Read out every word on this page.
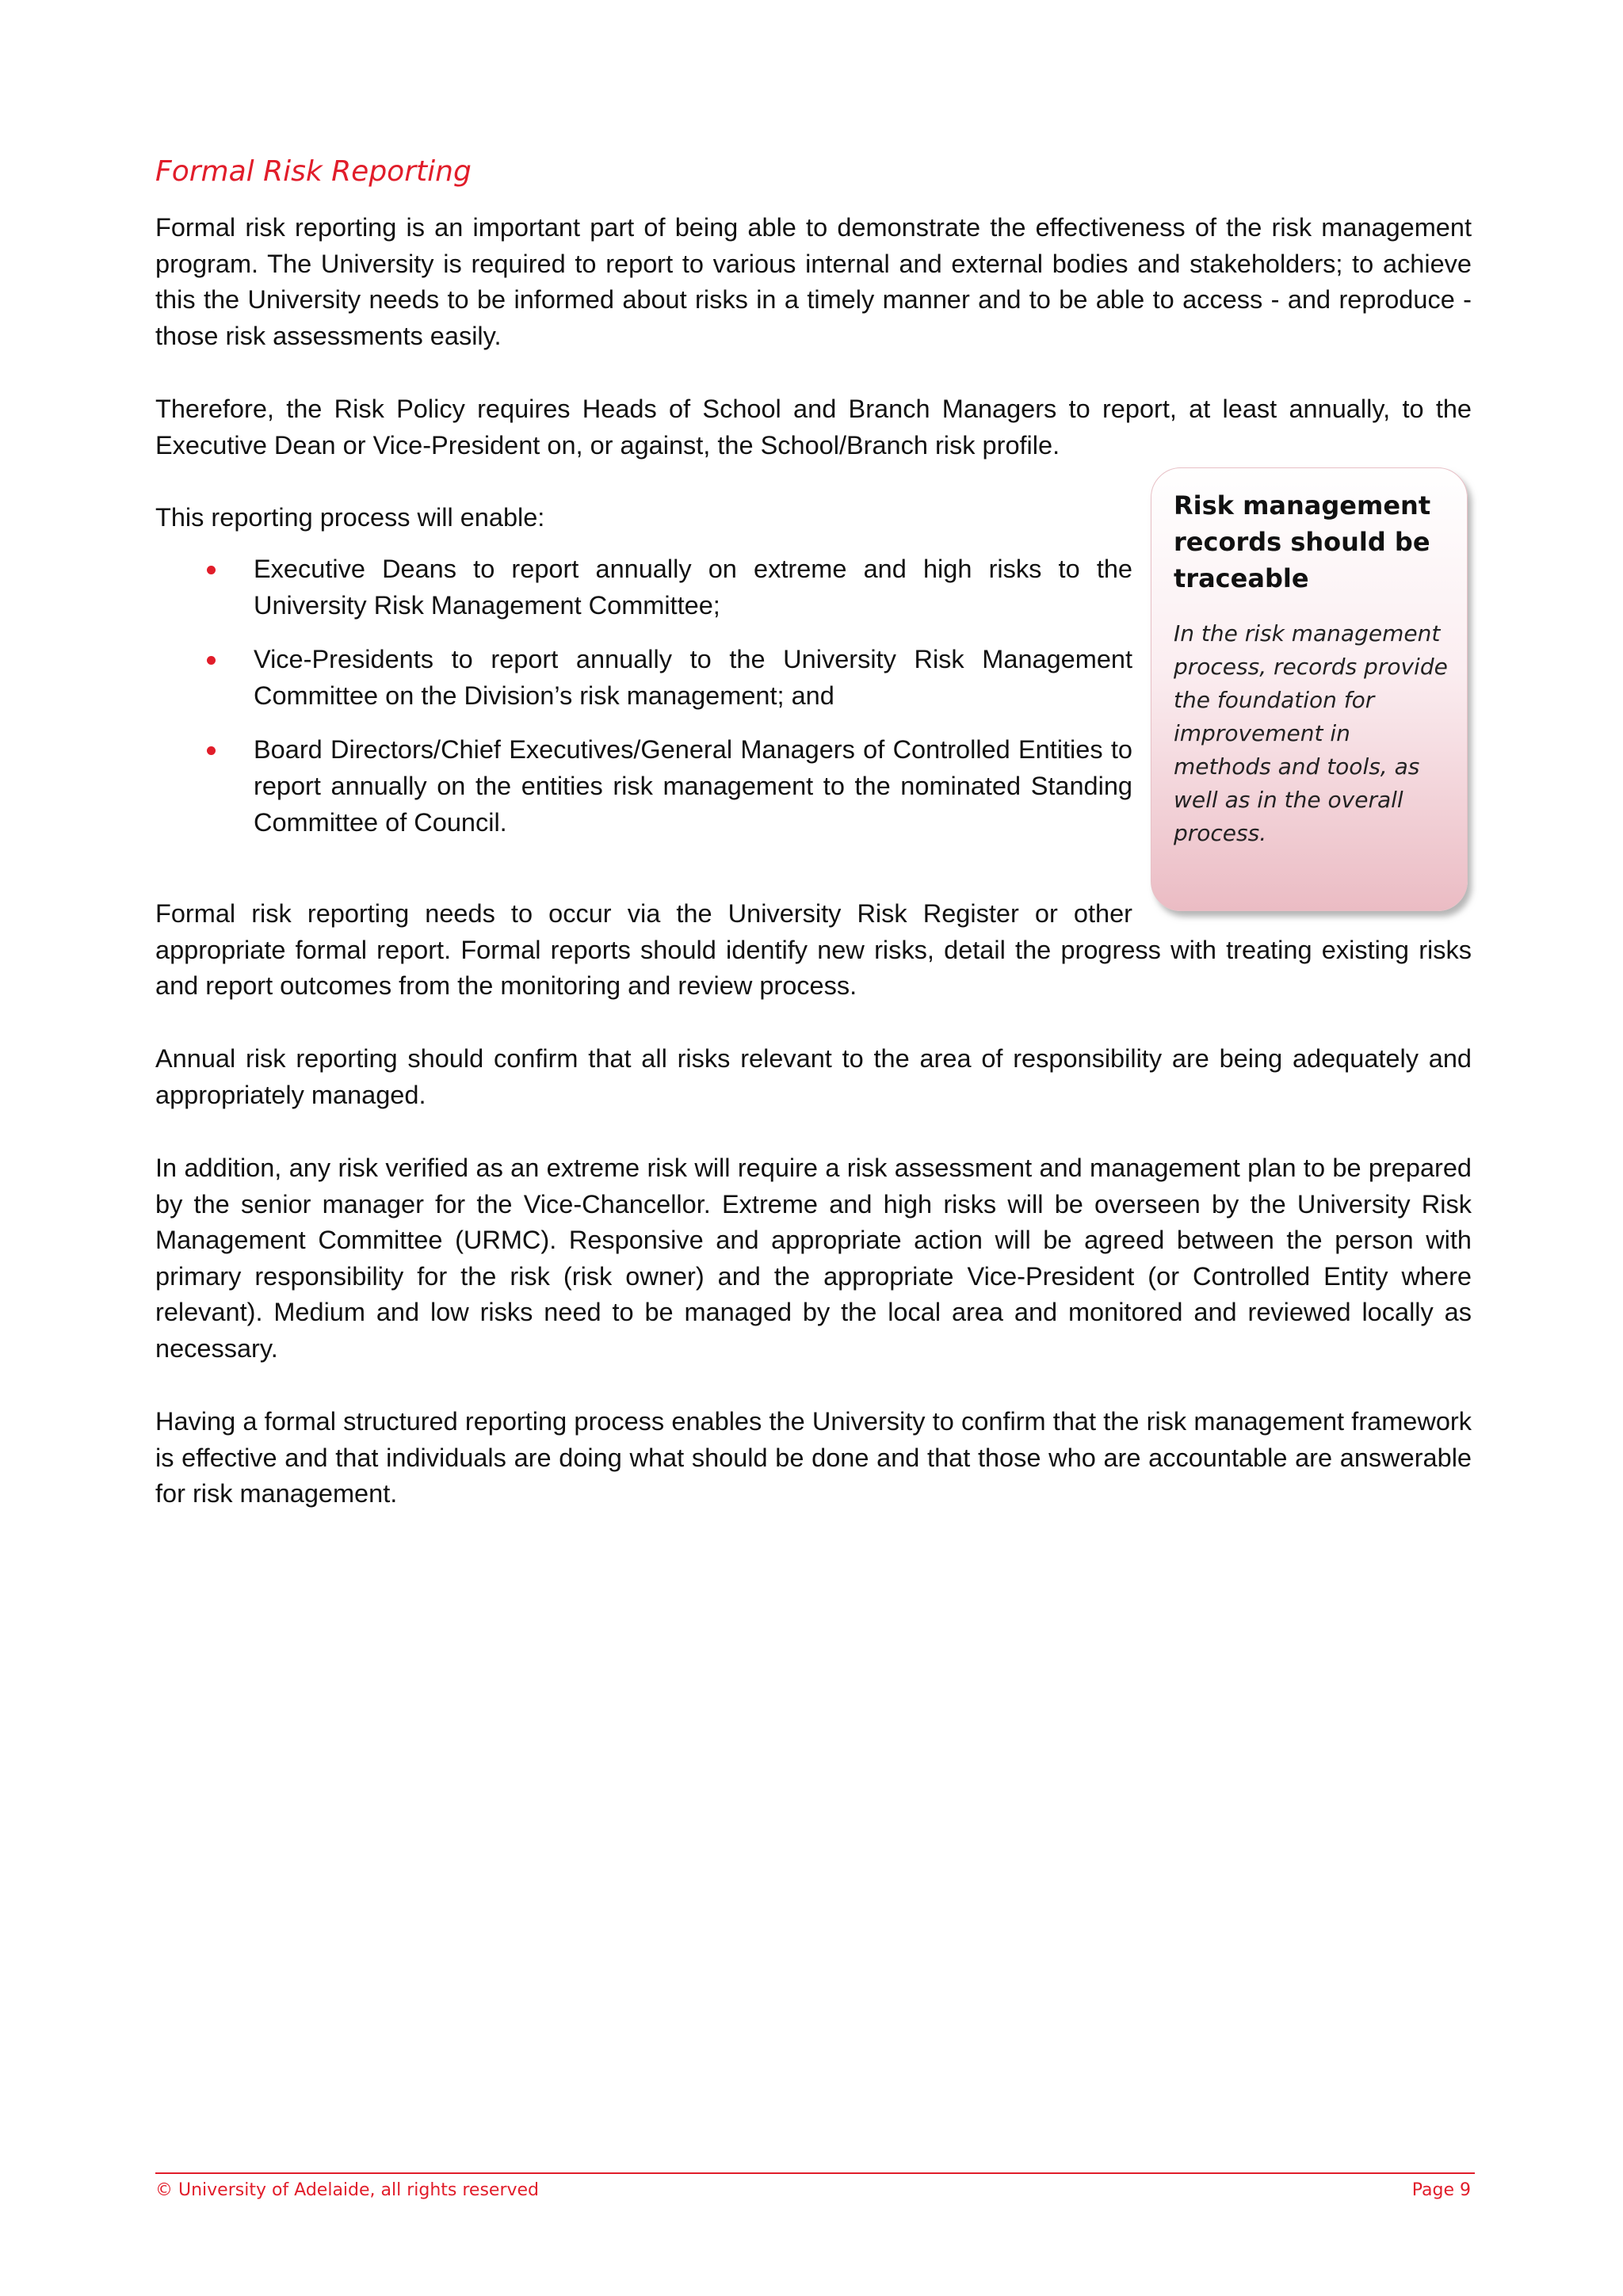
Formal Risk Reporting

Formal risk reporting is an important part of being able to demonstrate the effectiveness of the risk management program. The University is required to report to various internal and external bodies and stakeholders; to achieve this the University needs to be informed about risks in a timely manner and to be able to access - and reproduce - those risk assessments easily.

Therefore, the Risk Policy requires Heads of School and Branch Managers to report, at least annually, to the Executive Dean or Vice-President on, or against, the School/Branch risk profile.

This reporting process will enable:

Executive Deans to report annually on extreme and high risks to the University Risk Management Committee;
Vice-Presidents to report annually to the University Risk Management Committee on the Division’s risk management; and
Board Directors/Chief Executives/General Managers of Controlled Entities to report annually on the entities risk management to the nominated Standing Committee of Council.

Risk management records should be traceable

In the risk management process, records provide the foundation for improvement in methods and tools, as well as in the overall process.

Formal risk reporting needs to occur via the University Risk Register or other
appropriate formal report. Formal reports should identify new risks, detail the progress with treating existing risks and report outcomes from the monitoring and review process.

Annual risk reporting should confirm that all risks relevant to the area of responsibility are being adequately and appropriately managed.

In addition, any risk verified as an extreme risk will require a risk assessment and management plan to be prepared by the senior manager for the Vice-Chancellor. Extreme and high risks will be overseen by the University Risk Management Committee (URMC). Responsive and appropriate action will be agreed between the person with primary responsibility for the risk (risk owner) and the appropriate Vice-President (or Controlled Entity where relevant). Medium and low risks need to be managed by the local area and monitored and reviewed locally as necessary.

Having a formal structured reporting process enables the University to confirm that the risk management framework is effective and that individuals are doing what should be done and that those who are accountable are answerable for risk management.

© University of Adelaide, all rights reserved	Page 9
